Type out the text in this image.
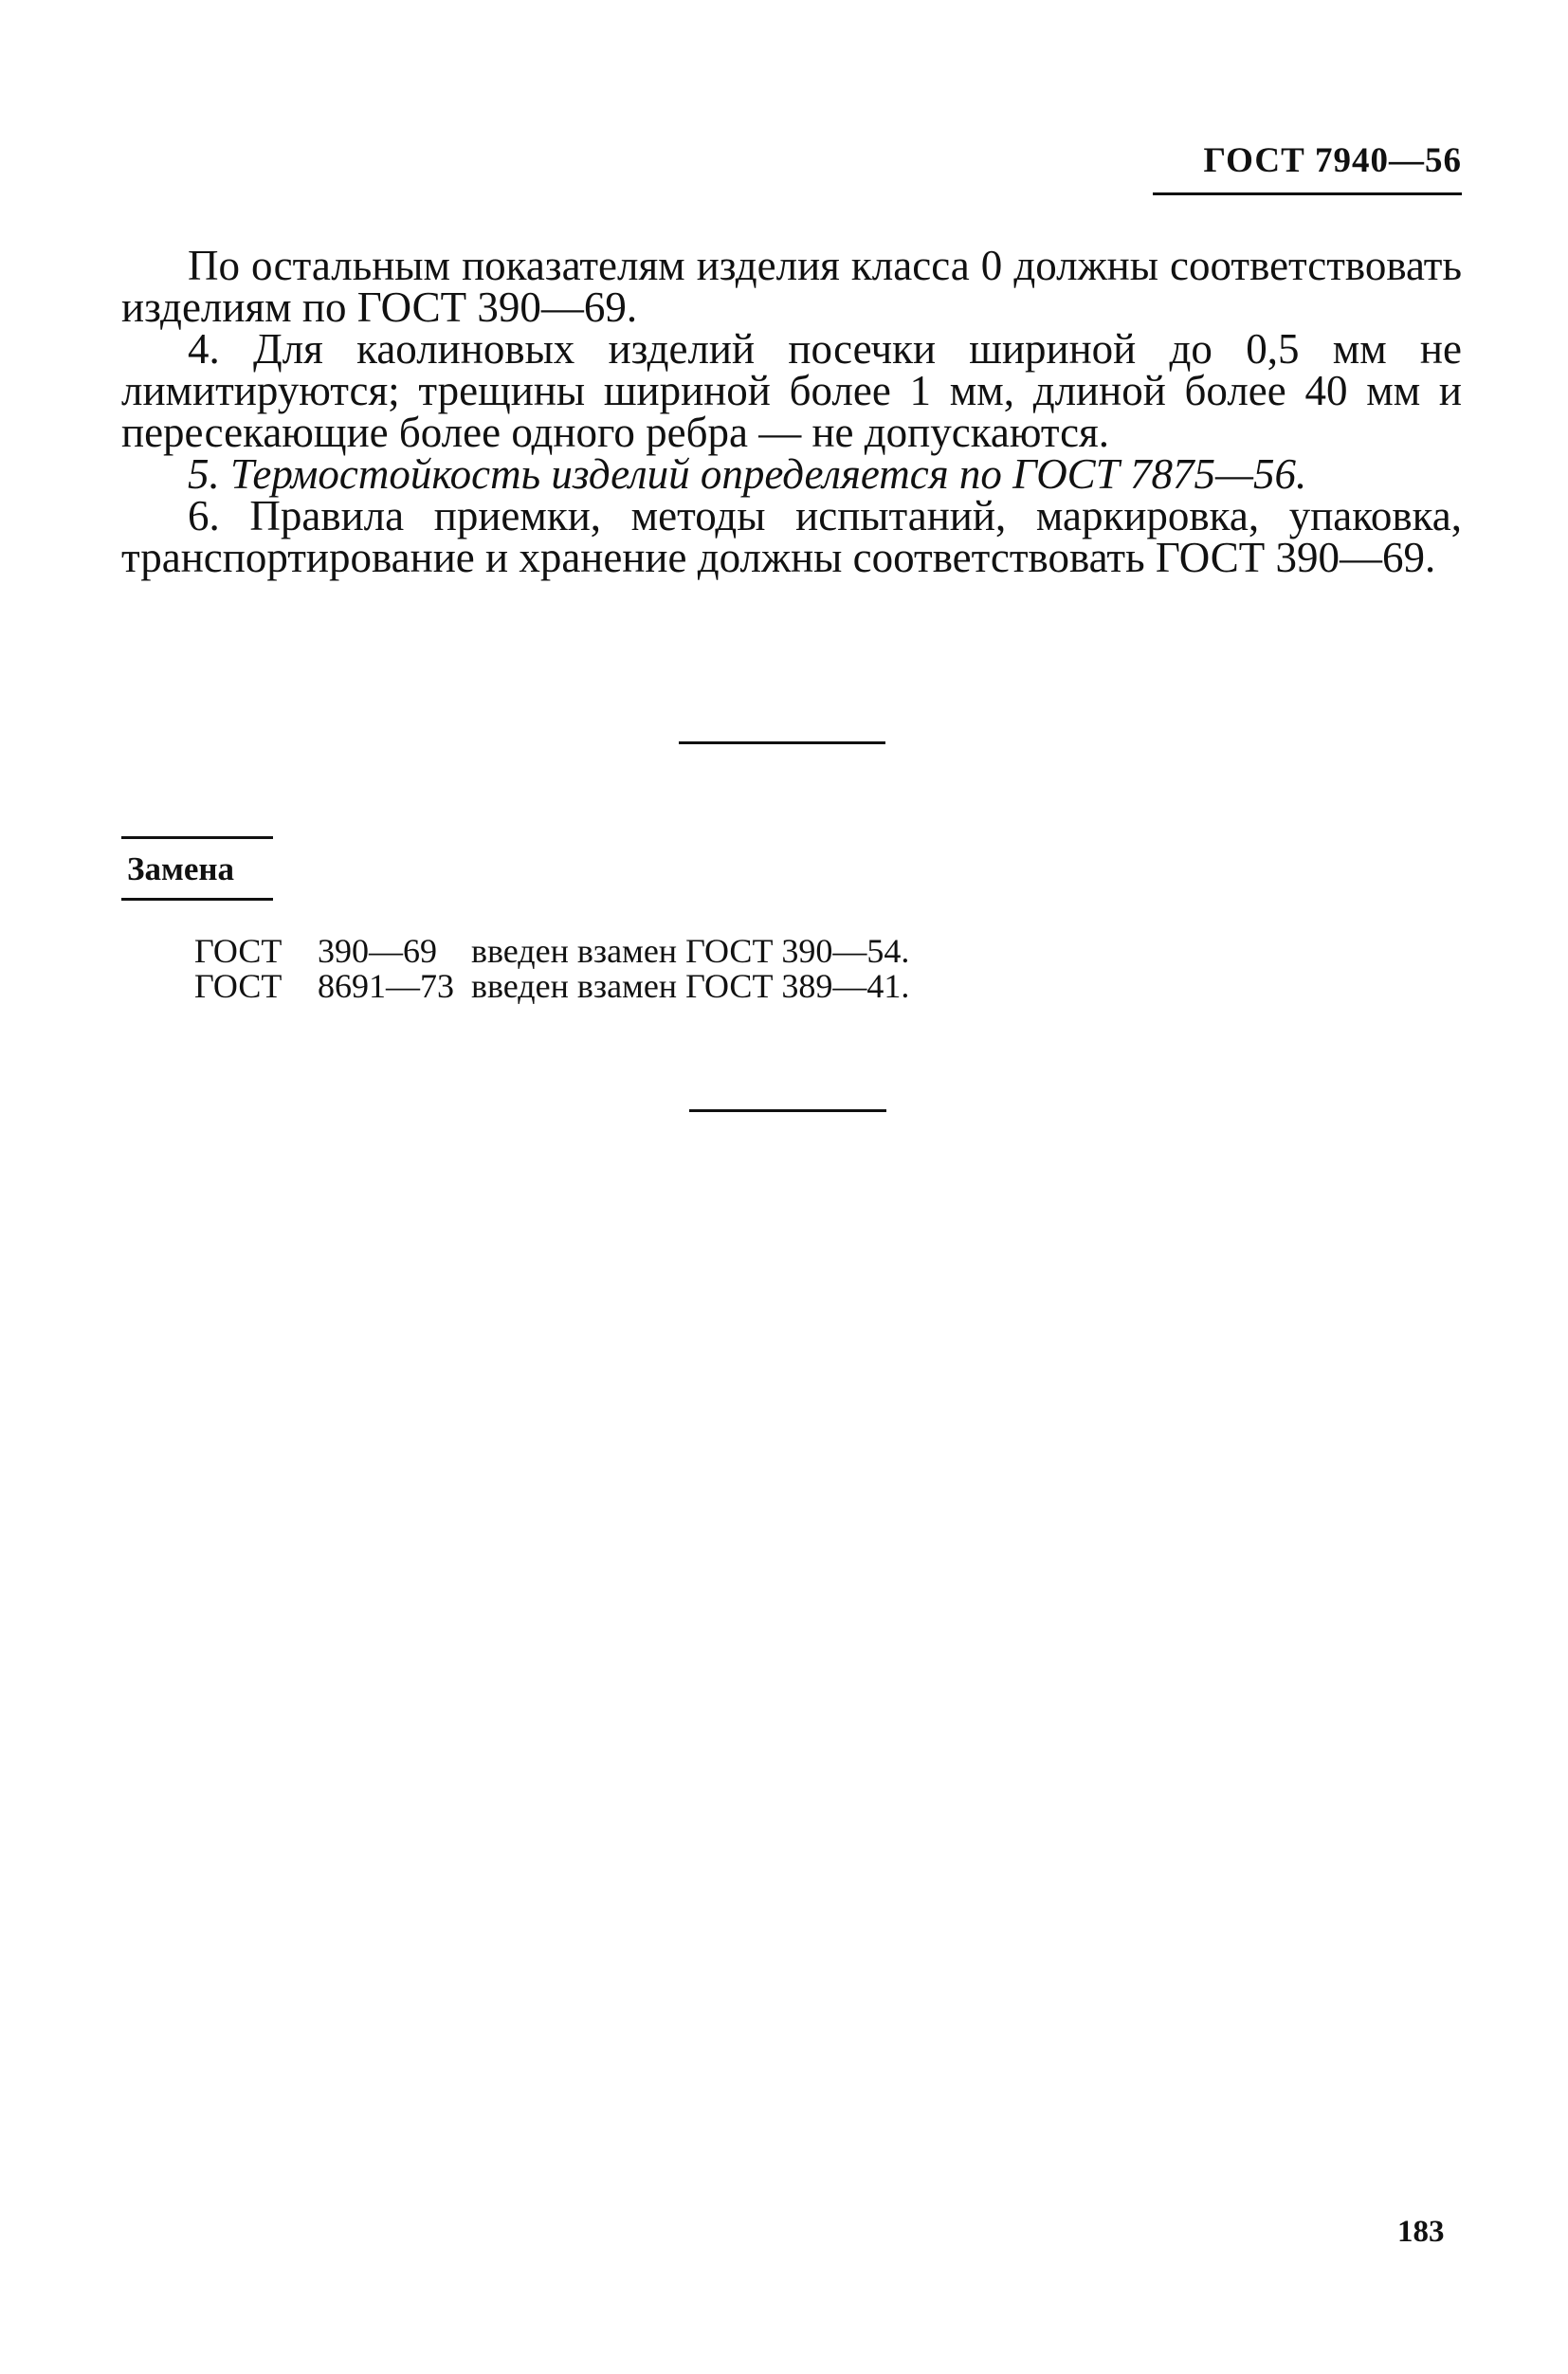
ГОСТ 7940—56

По остальным показателям изделия класса 0 должны соответствовать изделиям по ГОСТ 390—69.

4. Для каолиновых изделий посечки шириной до 0,5 мм не лимитируются; трещины шириной более 1 мм, длиной более 40 мм и пересекающие более одного ребра — не допускаются.

5. Термостойкость изделий определяется по ГОСТ 7875—56.

6. Правила приемки, методы испытаний, маркировка, упаковка, транспортирование и хранение должны соответствовать ГОСТ 390—69.

Замена
ГОСТ	390—69	введен взамен ГОСТ 390—54.
ГОСТ	8691—73 введен взамен ГОСТ 389—41.
183
